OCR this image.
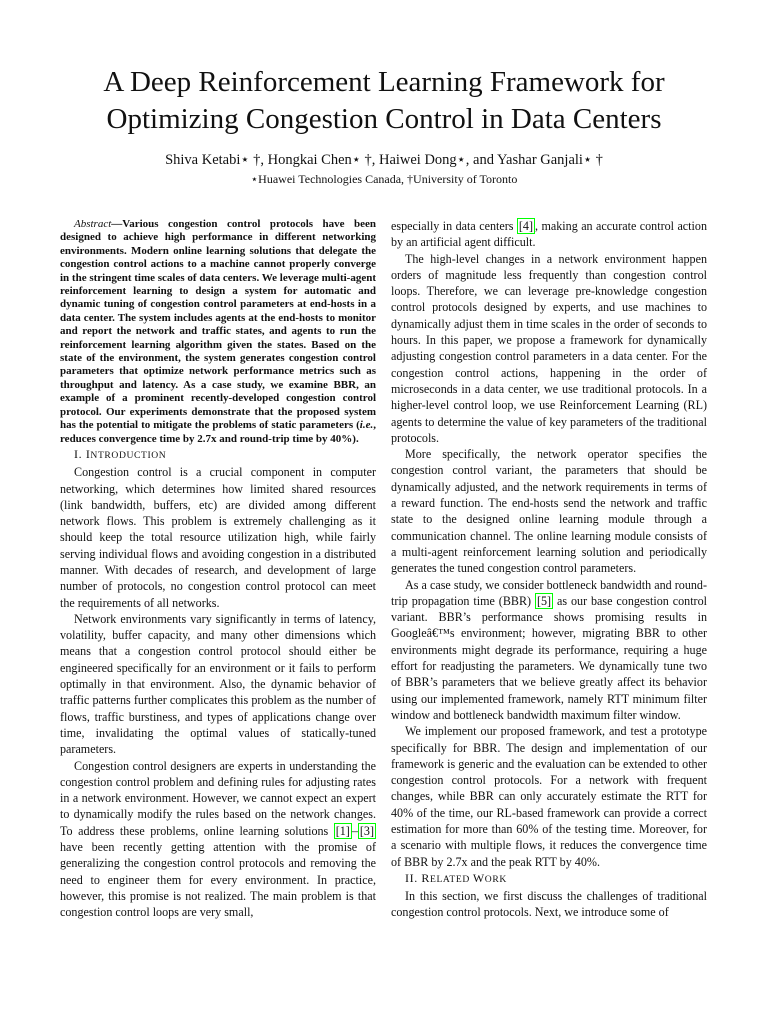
A Deep Reinforcement Learning Framework for
Optimizing Congestion Control in Data Centers
Shiva Ketabi⋆ †, Hongkai Chen⋆ †, Haiwei Dong⋆, and Yashar Ganjali⋆ †
⋆Huawei Technologies Canada, †University of Toronto

Abstract—Various congestion control protocols have been designed to achieve high performance in different networking environments. Modern online learning solutions that delegate the congestion control actions to a machine cannot properly converge in the stringent time scales of data centers. We leverage multi-agent reinforcement learning to design a system for automatic and dynamic tuning of congestion control parameters at end-hosts in a data center. The system includes agents at the end-hosts to monitor and report the network and traffic states, and agents to run the reinforcement learning algorithm given the states. Based on the state of the environment, the system generates congestion control parameters that optimize network performance metrics such as throughput and latency. As a case study, we examine BBR, an example of a prominent recently-developed congestion control protocol. Our experiments demonstrate that the proposed system has the potential to mitigate the problems of static parameters (i.e., reduces convergence time by 2.7x and round-trip time by 40%).

I. INTRODUCTION

Congestion control is a crucial component in computer networking, which determines how limited shared resources (link bandwidth, buffers, etc) are divided among different network flows. This problem is extremely challenging as it should keep the total resource utilization high, while fairly serving individual flows and avoiding congestion in a distributed manner. With decades of research, and development of large number of protocols, no congestion control protocol can meet the requirements of all networks.

Network environments vary significantly in terms of latency, volatility, buffer capacity, and many other dimensions which means that a congestion control protocol should either be engineered specifically for an environment or it fails to perform optimally in that environment. Also, the dynamic behavior of traffic patterns further complicates this problem as the number of flows, traffic burstiness, and types of applications change over time, invalidating the optimal values of statically-tuned parameters.

Congestion control designers are experts in understanding the congestion control problem and defining rules for adjusting rates in a network environment. However, we cannot expect an expert to dynamically modify the rules based on the network changes. To address these problems, online learning solutions [1] – [3] have been recently getting attention with the promise of generalizing the congestion control protocols and removing the need to engineer them for every environment. In practice, however, this promise is not realized. The main problem is that congestion control loops are very small,

especially in data centers [4] , making an accurate control action by an artificial agent difficult.

The high-level changes in a network environment happen orders of magnitude less frequently than congestion control loops. Therefore, we can leverage pre-knowledge congestion control protocols designed by experts, and use machines to dynamically adjust them in time scales in the order of seconds to hours. In this paper, we propose a framework for dynamically adjusting congestion control parameters in a data center. For the congestion control actions, happening in the order of microseconds in a data center, we use traditional protocols. In a higher-level control loop, we use Reinforcement Learning (RL) agents to determine the value of key parameters of the traditional protocols.

More specifically, the network operator specifies the congestion control variant, the parameters that should be dynamically adjusted, and the network requirements in terms of a reward function. The end-hosts send the network and traffic state to the designed online learning module through a communication channel. The online learning module consists of a multi-agent reinforcement learning solution and periodically generates the tuned congestion control parameters.

As a case study, we consider bottleneck bandwidth and round-trip propagation time (BBR) [5] as our base congestion control variant. BBR’s performance shows promising results in Googleâ€™s environment; however, migrating BBR to other environments might degrade its performance, requiring a huge effort for readjusting the parameters. We dynamically tune two of BBR’s parameters that we believe greatly affect its behavior using our implemented framework, namely RTT minimum filter window and bottleneck bandwidth maximum filter window.

We implement our proposed framework, and test a prototype specifically for BBR. The design and implementation of our framework is generic and the evaluation can be extended to other congestion control protocols. For a network with frequent changes, while BBR can only accurately estimate the RTT for 40% of the time, our RL-based framework can provide a correct estimation for more than 60% of the testing time. Moreover, for a scenario with multiple flows, it reduces the convergence time of BBR by 2.7x and the peak RTT by 40%.

II. RELATED WORK

In this section, we first discuss the challenges of traditional congestion control protocols. Next, we introduce some of
